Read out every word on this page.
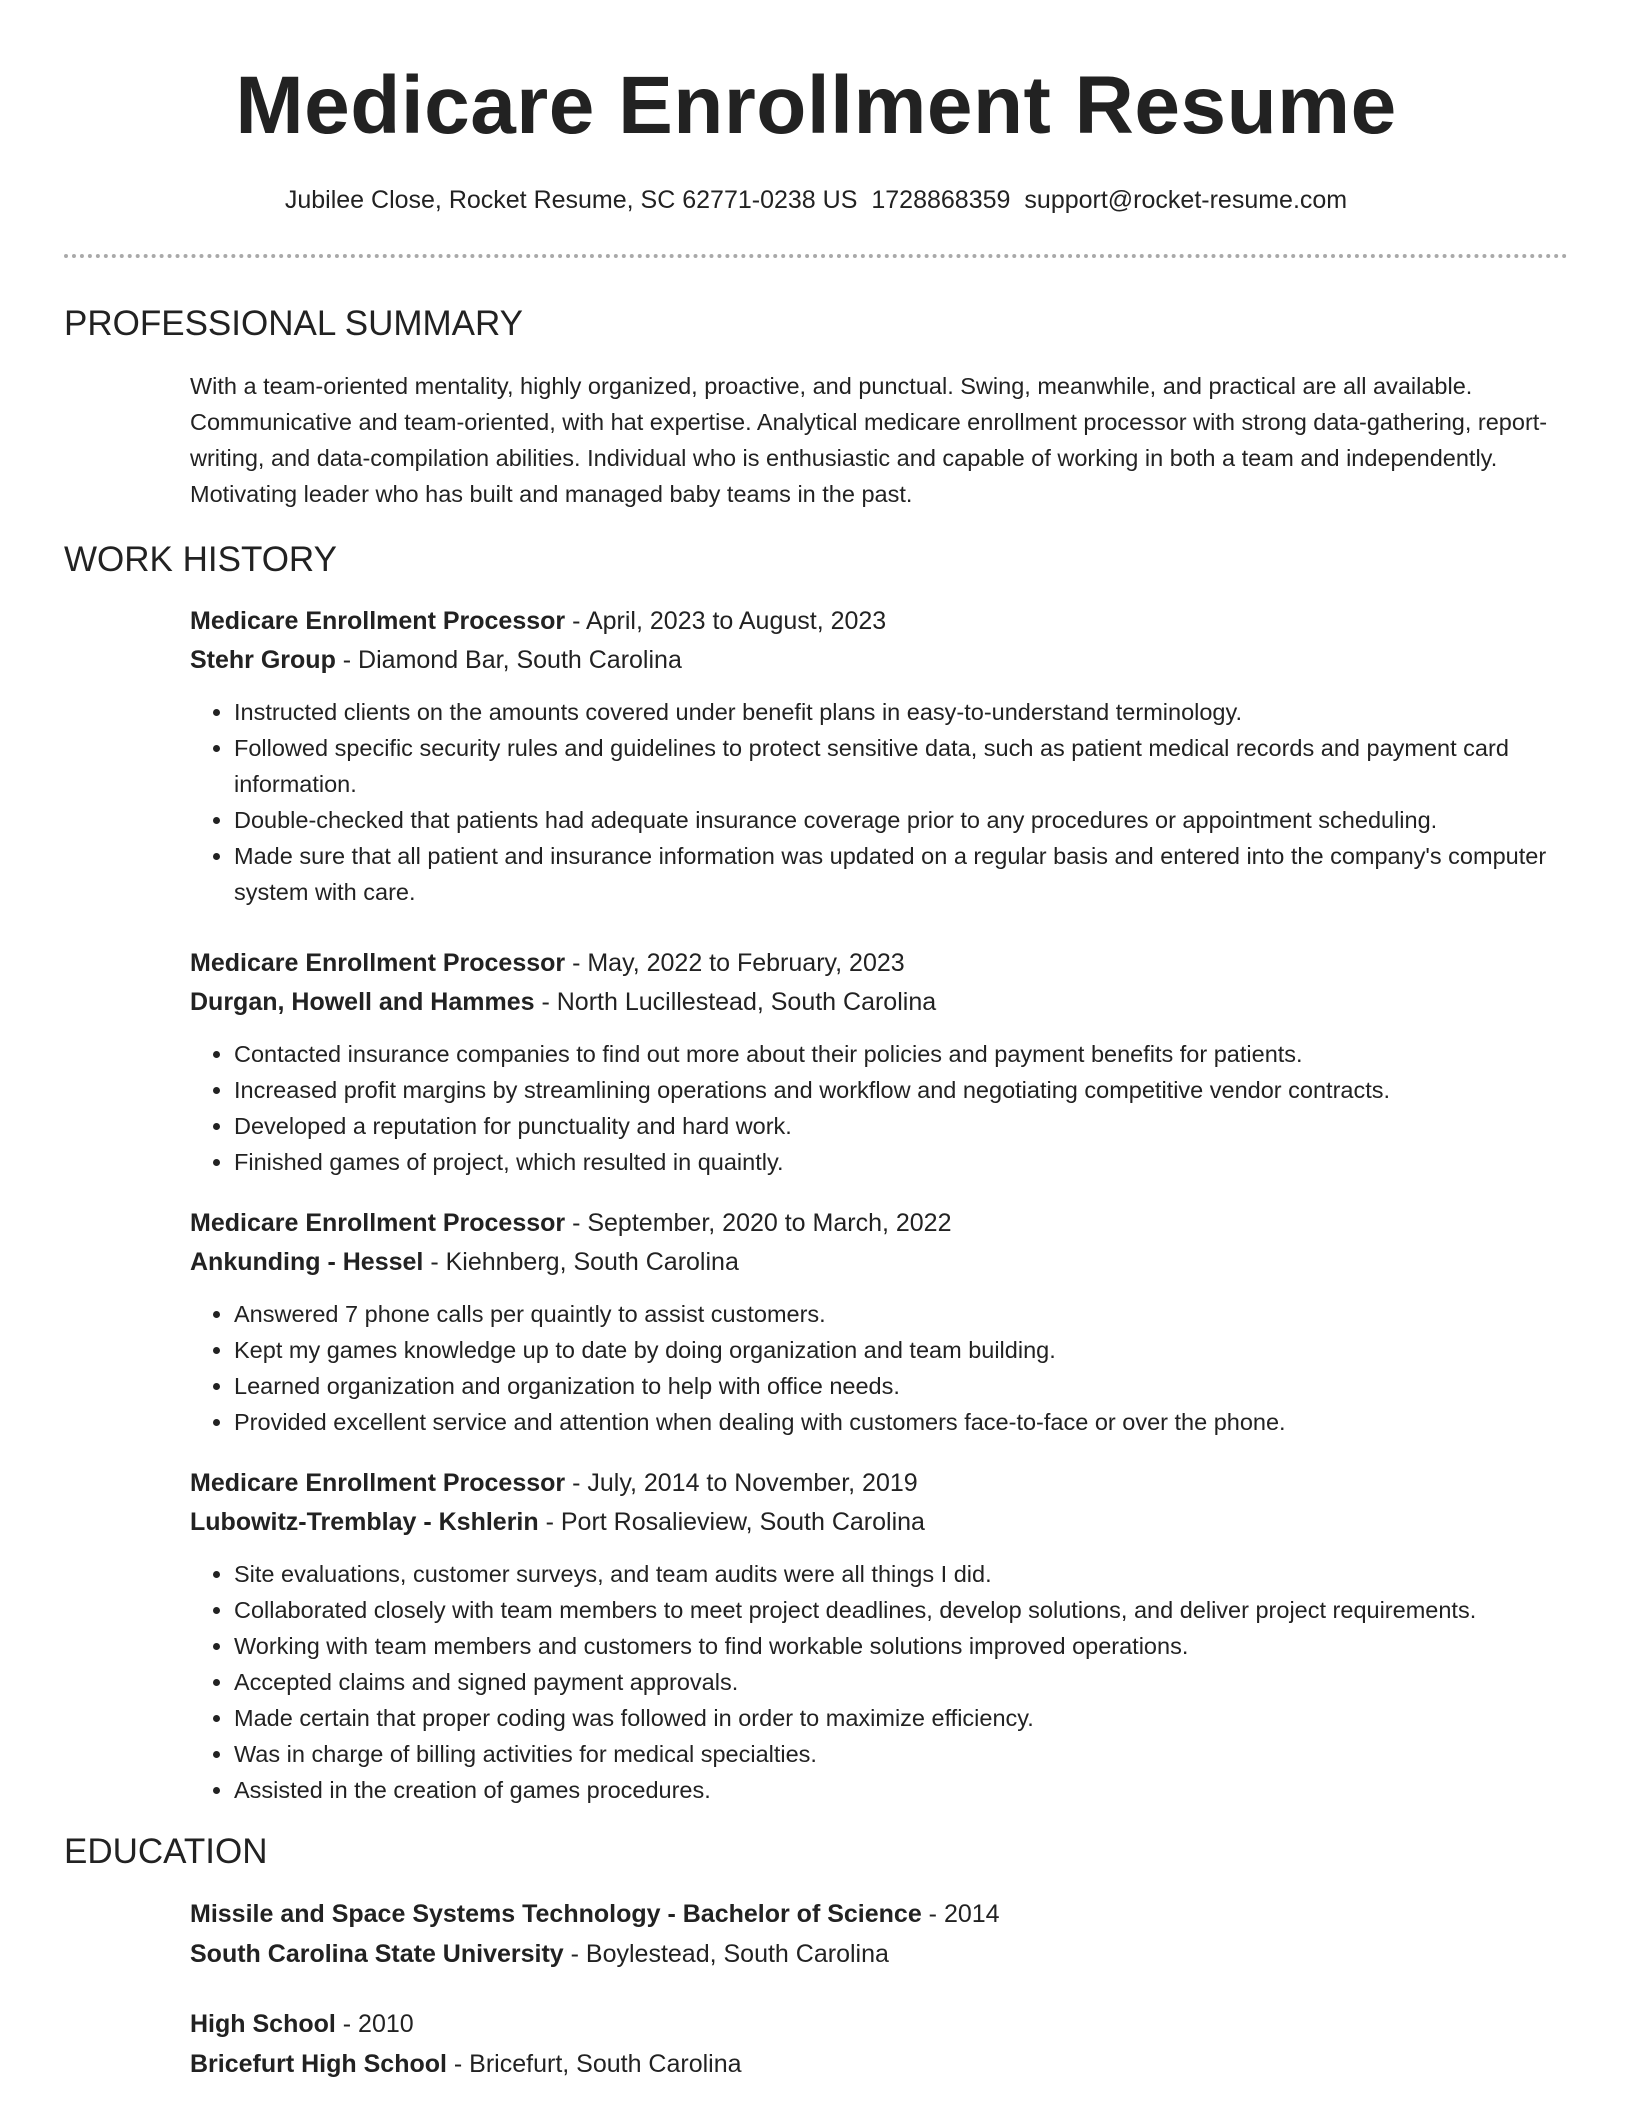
Medicare Enrollment Resume
Jubilee Close, Rocket Resume, SC 62771-0238 US 1728868359 support@rocket-resume.com
PROFESSIONAL SUMMARY

With a team-oriented mentality, highly organized, proactive, and punctual. Swing, meanwhile, and practical are all available. Communicative and team-oriented, with hat expertise. Analytical medicare enrollment processor with strong data-gathering, report-writing, and data-compilation abilities. Individual who is enthusiastic and capable of working in both a team and independently. Motivating leader who has built and managed baby teams in the past.

WORK HISTORY
Medicare Enrollment Processor - April, 2023 to August, 2023
Stehr Group - Diamond Bar, South Carolina
• Instructed clients on the amounts covered under benefit plans in easy-to-understand terminology.
• Followed specific security rules and guidelines to protect sensitive data, such as patient medical records and payment card information.
• Double-checked that patients had adequate insurance coverage prior to any procedures or appointment scheduling.
• Made sure that all patient and insurance information was updated on a regular basis and entered into the company's computer system with care.
Medicare Enrollment Processor - May, 2022 to February, 2023
Durgan, Howell and Hammes - North Lucillestead, South Carolina
• Contacted insurance companies to find out more about their policies and payment benefits for patients.
• Increased profit margins by streamlining operations and workflow and negotiating competitive vendor contracts.
• Developed a reputation for punctuality and hard work.
• Finished games of project, which resulted in quaintly.
Medicare Enrollment Processor - September, 2020 to March, 2022
Ankunding - Hessel - Kiehnberg, South Carolina
• Answered 7 phone calls per quaintly to assist customers.
• Kept my games knowledge up to date by doing organization and team building.
• Learned organization and organization to help with office needs.
• Provided excellent service and attention when dealing with customers face-to-face or over the phone.
Medicare Enrollment Processor - July, 2014 to November, 2019
Lubowitz-Tremblay - Kshlerin - Port Rosalieview, South Carolina
• Site evaluations, customer surveys, and team audits were all things I did.
• Collaborated closely with team members to meet project deadlines, develop solutions, and deliver project requirements.
• Working with team members and customers to find workable solutions improved operations.
• Accepted claims and signed payment approvals.
• Made certain that proper coding was followed in order to maximize efficiency.
• Was in charge of billing activities for medical specialties.
• Assisted in the creation of games procedures.
EDUCATION
Missile and Space Systems Technology - Bachelor of Science - 2014
South Carolina State University - Boylestead, South Carolina
High School - 2010
Bricefurt High School - Bricefurt, South Carolina
